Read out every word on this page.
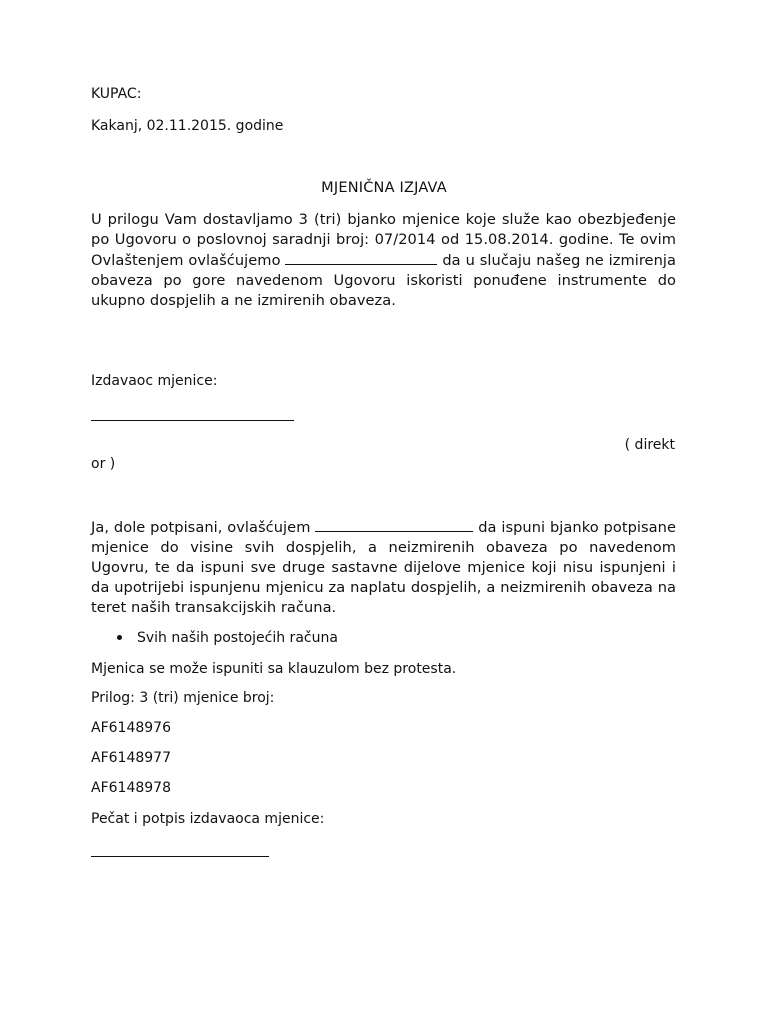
KUPAC:
Kakanj, 02.11.2015. godine
MJENIČNA IZJAVA
U prilogu Vam dostavljamo 3 (tri) bjanko mjenice koje služe kao obezbjeđenje po Ugovoru o poslovnoj saradnji broj: 07/2014 od 15.08.2014. godine. Te ovim Ovlaštenjem ovlašćujemo	da u slučaju našeg ne izmirenja obaveza po gore navedenom Ugovoru iskoristi ponuđene instrumente do ukupno dospjelih a ne izmirenih obaveza.
Izdavaoc mjenice:
( direkt
or )
Ja, dole potpisani, ovlašćujem	da ispuni bjanko potpisane mjenice do visine svih dospjelih, a neizmirenih obaveza po navedenom Ugovru, te da ispuni sve druge sastavne dijelove mjenice koji nisu ispunjeni i da upotrijebi ispunjenu mjenicu za naplatu dospjelih, a neizmirenih obaveza na teret naših transakcijskih računa.
Svih naših postojećih računa
Mjenica se može ispuniti sa klauzulom bez protesta.
Prilog: 3 (tri) mjenice broj:
AF6148976
AF6148977
AF6148978
Pečat i potpis izdavaoca mjenice:
